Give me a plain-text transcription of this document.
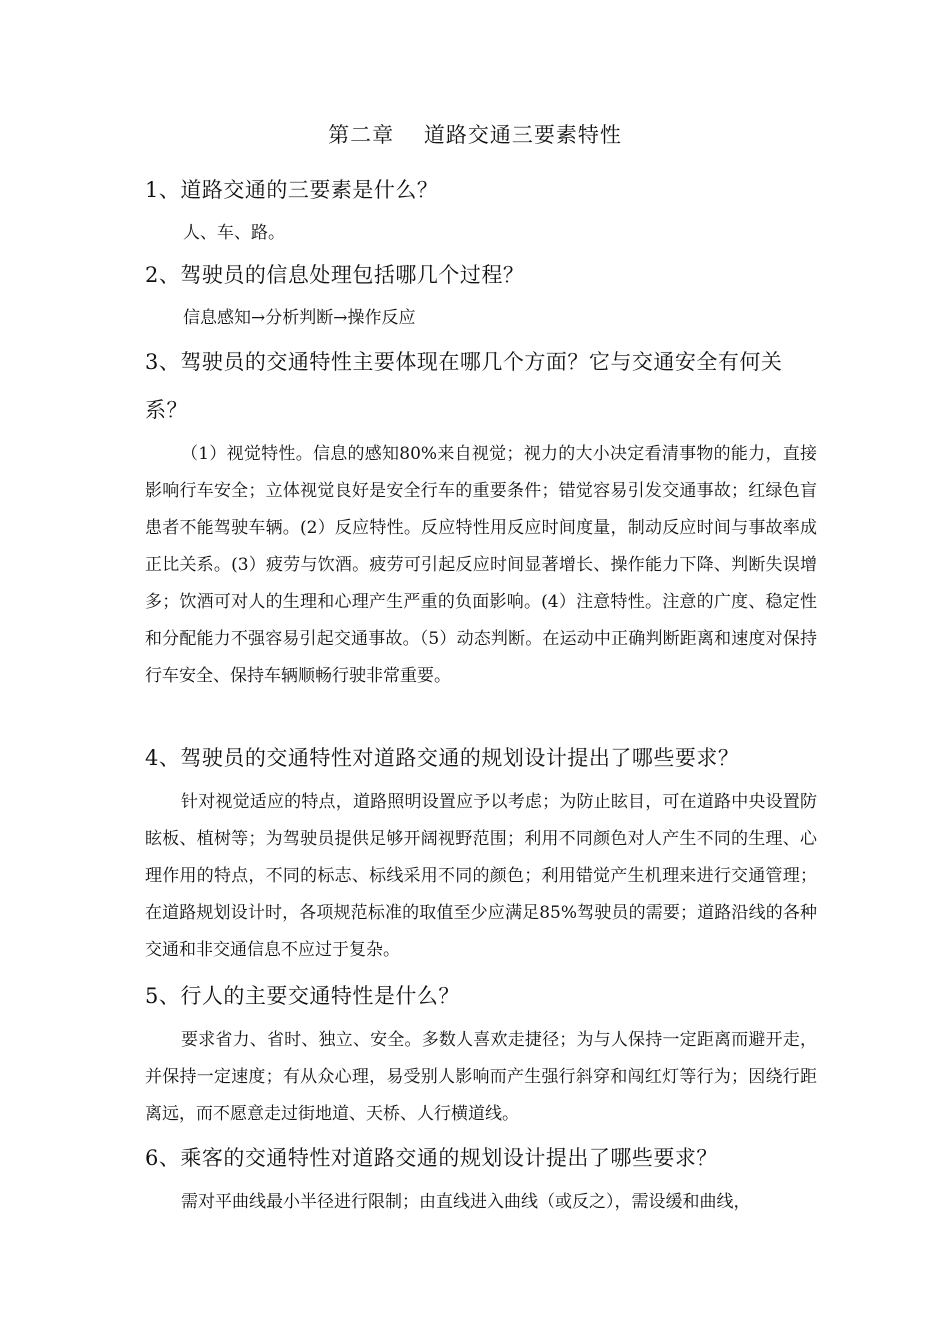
第二章　 道路交通三要素特性
1、道路交通的三要素是什么？
人、车、路。
2、驾驶员的信息处理包括哪几个过程？
信息感知→分析判断→操作反应
3、驾驶员的交通特性主要体现在哪几个方面？它与交通安全有何关系？
（1）视觉特性。信息的感知80%来自视觉；视力的大小决定看清事物的能力，直接影响行车安全；立体视觉良好是安全行车的重要条件；错觉容易引发交通事故；红绿色盲患者不能驾驶车辆。(2）反应特性。反应特性用反应时间度量，制动反应时间与事故率成正比关系。(3）疲劳与饮酒。疲劳可引起反应时间显著增长、操作能力下降、判断失误增多；饮酒可对人的生理和心理产生严重的负面影响。(4）注意特性。注意的广度、稳定性和分配能力不强容易引起交通事故。（5）动态判断。在运动中正确判断距离和速度对保持行车安全、保持车辆顺畅行驶非常重要。
4、驾驶员的交通特性对道路交通的规划设计提出了哪些要求？
针对视觉适应的特点，道路照明设置应予以考虑；为防止眩目，可在道路中央设置防眩板、植树等；为驾驶员提供足够开阔视野范围；利用不同颜色对人产生不同的生理、心理作用的特点，不同的标志、标线采用不同的颜色；利用错觉产生机理来进行交通管理；在道路规划设计时，各项规范标准的取值至少应满足85%驾驶员的需要；道路沿线的各种交通和非交通信息不应过于复杂。
5、行人的主要交通特性是什么？
要求省力、省时、独立、安全。多数人喜欢走捷径；为与人保持一定距离而避开走，并保持一定速度；有从众心理，易受别人影响而产生强行斜穿和闯红灯等行为；因绕行距离远，而不愿意走过街地道、天桥、人行横道线。
6、乘客的交通特性对道路交通的规划设计提出了哪些要求？
需对平曲线最小半径进行限制；由直线进入曲线（或反之），需设缓和曲线，
